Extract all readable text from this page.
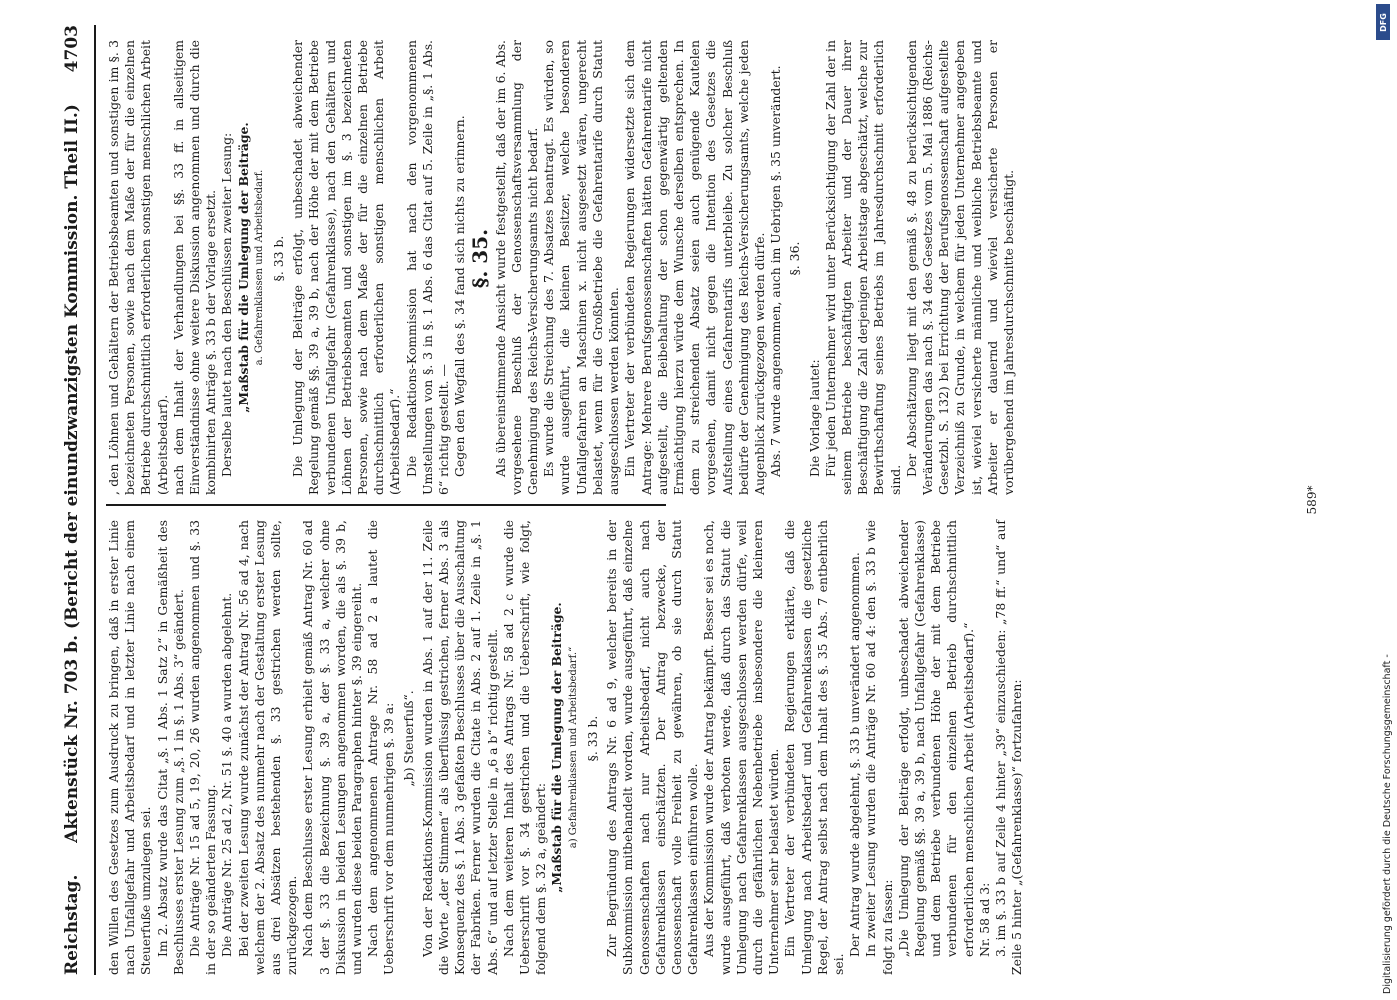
Reichstag.
Aktenstück Nr. 703 b. (Bericht der einundzwanzigsten Kommission. Theil II.)
4703

den Willen des Gesetzes zum Ausdruck zu bringen, daß in erster Linie nach Unfallgefahr und Arbeitsbedarf und in letzter Linie nach einem Steuerfuße umzulegen sei. Im 2. Absatz wurde das Citat „§. 1 Abs. 1 Satz 2“ in Gemäßheit des Beschlusses erster Lesung zum „§. 1 in §. 1 Abs. 3“ geändert. Die Anträge Nr. 15 ad 5, 19, 20, 26 wurden angenommen und §. 33 in der so geänderten Fassung. Die Anträge Nr. 25 ad 2, Nr. 51 §. 40 a wurden abgelehnt. Bei der zweiten Lesung wurde zunächst der Antrag Nr. 56 ad 4, nach welchem der 2. Absatz des nunmehr nach der Gestaltung erster Lesung aus drei Absätzen bestehenden §. 33 gestrichen werden sollte, zurückgezogen. Nach dem Beschlusse erster Lesung erhielt gemäß Antrag Nr. 60 ad 3 der §. 33 die Bezeichnung §. 39 a, der §. 33 a, welcher ohne Diskussion in beiden Lesungen angenommen worden, die als §. 39 b, und wurden diese beiden Paragraphen hinter §. 39 eingereiht. Nach dem angenommenen Antrage Nr. 58 ad 2 a lautet die Ueberschrift vor dem nunmehrigen §. 39 a: „b) Steuerfuß“. Von der Redaktions-Kommission wurden in Abs. 1 auf der 11. Zeile die Worte „der Stimmen“ als überflüssig gestrichen, ferner Abs. 3 als Konsequenz des §. 1 Abs. 3 gefaßten Beschlusses über die Ausschaltung der Fabriken. Ferner wurden die Citate in Abs. 2 auf 1. Zeile in „§. 1 Abs. 6“ und auf letzter Stelle in „6 a b“ richtig gestellt. Nach dem weiteren Inhalt des Antrags Nr. 58 ad 2 c wurde die Ueberschrift vor §. 34 gestrichen und die Ueberschrift, wie folgt, folgend dem §. 32 a, geändert: „Maßstab für die Umlegung der Beiträge. a) Gefahrenklassen und Arbeitsbedarf.“ §. 33 b. Zur Begründung des Antrags Nr. 6 ad 9, welcher bereits in der Subkommission mitbehandelt worden, wurde ausgeführt, daß einzelne Genossenschaften nach nur Arbeitsbedarf, nicht auch nach Gefahrenklassen einschätzten. Der Antrag bezwecke, der Genossenschaft volle Freiheit zu gewähren, ob sie durch Statut Gefahrenklassen einführen wolle. Aus der Kommission wurde der Antrag bekämpft. Besser sei es noch, wurde ausgeführt, daß verboten werde, daß durch das Statut die Umlegung nach Gefahrenklassen ausgeschlossen werden dürfe, weil durch die gefährlichen Nebenbetriebe insbesondere die kleineren Unternehmer sehr belastet würden. Ein Vertreter der verbündeten Regierungen erklärte, daß die Umlegung nach Arbeitsbedarf und Gefahrenklassen die gesetzliche Regel, der Antrag selbst nach dem Inhalt des §. 35 Abs. 7 entbehrlich sei.

Der Antrag wurde abgelehnt, §. 33 b unverändert angenommen. In zweiter Lesung wurden die Anträge Nr. 60 ad 4: den §. 33 b wie folgt zu fassen: „Die Umlegung der Beiträge erfolgt, unbeschadet abweichender Regelung gemäß §§. 39 a, 39 b, nach Unfallgefahr (Gefahrenklasse) und dem Betriebe verbundenen Höhe der mit dem Betriebe verbundenen für den einzelnen Betrieb durchschnittlich erforderlichen menschlichen Arbeit (Arbeitsbedarf).“ Nr. 58 ad 3: 3. im §. 33 b auf Zeile 4 hinter „39“ einzuschieden: „78 ff.“ und“ auf Zeile 5 hinter „(Gefahrenklasse)“ fortzufahren:

, den Löhnen und Gehältern der Betriebsbeamten und sonstigen im §. 3 bezeichneten Personen, sowie nach dem Maße der für die einzelnen Betriebe durchschnittlich erforderlichen sonstigen menschlichen Arbeit (Arbeitsbedarf). nach dem Inhalt der Verhandlungen bei §§. 33 ff. in allseitigem Einverständnisse ohne weitere Diskussion angenommen und durch die kombinirten Anträge §. 33 b der Vorlage ersetzt. Derselbe lautet nach den Beschlüssen zweiter Lesung: „Maßstab für die Umlegung der Beiträge. a. Gefahrenklassen und Arbeitsbedarf. §. 33 b. Die Umlegung der Beiträge erfolgt, unbeschadet abweichender Regelung gemäß §§. 39 a, 39 b, nach der Höhe der mit dem Betriebe verbundenen Unfallgefahr (Gefahrenklasse), nach den Gehältern und Löhnen der Betriebsbeamten und sonstigen im §. 3 bezeichneten Personen, sowie nach dem Maße der für die einzelnen Betriebe durchschnittlich erforderlichen sonstigen menschlichen Arbeit (Arbeitsbedarf).“ Die Redaktions-Kommission hat nach den vorgenommenen Umstellungen von §. 3 in §. 1 Abs. 6 das Citat auf 5. Zeile in „§. 1 Abs. 6“ richtig gestellt. — Gegen den Wegfall des §. 34 fand sich nichts zu erinnern. §. 35. Als übereinstimmende Ansicht wurde festgestellt, daß der im 6. Abs. vorgesehene Beschluß der Genossenschaftsversammlung der Genehmigung des Reichs-Versicherungsamts nicht bedarf. Es wurde die Streichung des 7. Absatzes beantragt. Es würden, so wurde ausgeführt, die kleinen Besitzer, welche besonderen Unfallgefahren an Maschinen x. nicht ausgesetzt wären, ungerecht belastet, wenn für die Großbetriebe die Gefahrentarife durch Statut ausgeschlossen werden könnten. Ein Vertreter der verbündeten Regierungen widersetzte sich dem Antrage: Mehrere Berufsgenossenschaften hätten Gefahrentarife nicht aufgestellt, die Beibehaltung der schon gegenwärtig geltenden Ermächtigung hierzu würde dem Wunsche derselben entsprechen. In dem zu streichenden Absatz seien auch genügende Kautelen vorgesehen, damit nicht gegen die Intention des Gesetzes die Aufstellung eines Gefahrentarifs unterbleibe. Zu solcher Beschluß bedürfe der Genehmigung des Reichs-Versicherungsamts, welche jeden Augenblick zurückgezogen werden dürfe. Abs. 7 wurde angenommen, auch im Uebrigen §. 35 unverändert. §. 36.

Die Vorlage lautet: Für jeden Unternehmer wird unter Berücksichtigung der Zahl der in seinem Betriebe beschäftigten Arbeiter und der Dauer ihrer Beschäftigung die Zahl derjenigen Arbeitstage abgeschätzt, welche zur Bewirthschaftung seines Betriebs im Jahresdurchschnitt erforderlich sind.

Der Abschätzung liegt mit den gemäß §. 48 zu berücksichtigenden Veränderungen das nach §. 34 des Gesetzes vom 5. Mai 1886 (Reichs-Gesetzbl. S. 132) bei Errichtung der Berufsgenossenschaft aufgestellte Verzeichniß zu Grunde, in welchem für jeden Unternehmer angegeben ist, wieviel versicherte männliche und weibliche Betriebsbeamte und Arbeiter er dauernd und wieviel versicherte Personen er vorübergehend im Jahresdurchschnitte beschäftigt.

589*
Digitalisierung gefördert durch die Deutsche Forschungsgemeinschaft -
DFG
